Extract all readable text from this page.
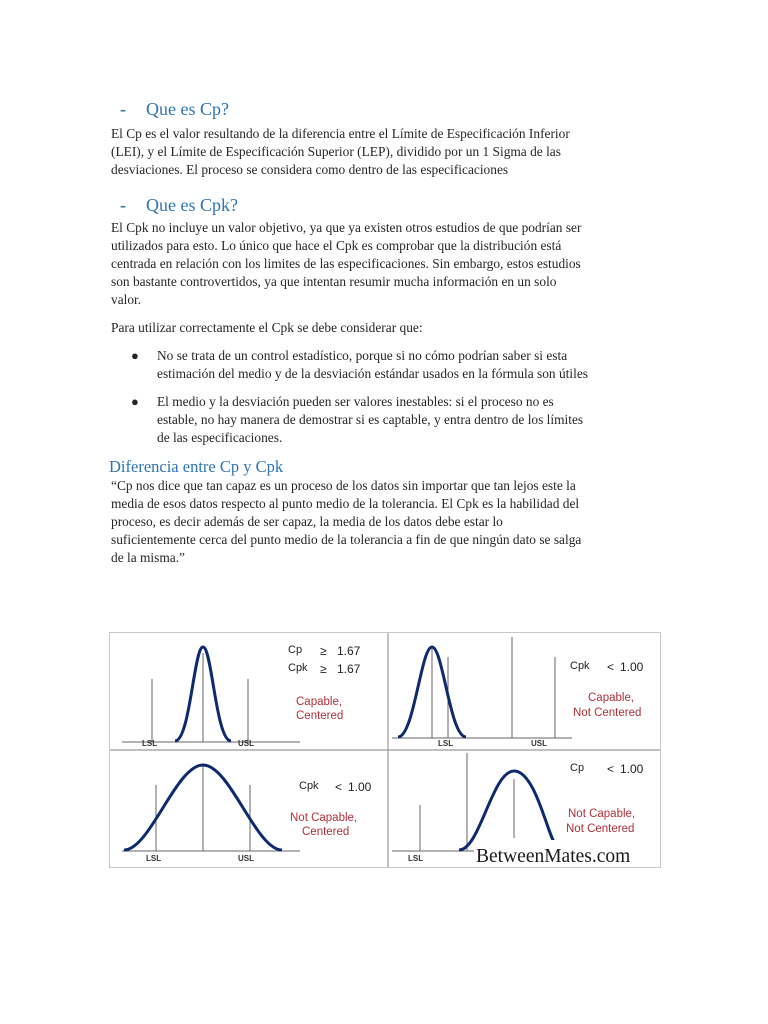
-	Que es Cp?
El Cp es el valor resultando de la diferencia entre el Límite de Especificación Inferior
(LEI), y el Límite de Especificación Superior (LEP), dividido por un 1 Sigma de las
desviaciones. El proceso se considera como dentro de las especificaciones
-	Que es Cpk?
El Cpk no incluye un valor objetivo, ya que ya existen otros estudios de que podrían ser
utilizados para esto. Lo único que hace el Cpk es comprobar que la distribución está
centrada en relación con los limites de las especificaciones. Sin embargo, estos estudios
son bastante controvertidos, ya que intentan resumir mucha información en un solo
valor.
Para utilizar correctamente el Cpk se debe considerar que:
● No se trata de un control estadístico, porque si no cómo podrían saber si esta
estimación del medio y de la desviación estándar usados en la fórmula son útiles
● El medio y la desviación pueden ser valores inestables: si el proceso no es
estable, no hay manera de demostrar si es captable, y entra dentro de los límites
de las especificaciones.
Diferencia entre Cp y Cpk
“Cp nos dice que tan capaz es un proceso de los datos sin importar que tan lejos este la
media de esos datos respecto al punto medio de la tolerancia. El Cpk es la habilidad del
proceso, es decir además de ser capaz, la media de los datos debe estar lo
suficientemente cerca del punto medio de la tolerancia a fin de que ningún dato se salga
de la misma.”
LSL	USL
Cp ≥ 1.67
Cpk ≥ 1.67
Capable,
Centered
LSL	USL
Cpk < 1.00
Capable,
Not Centered
LSL	USL
Cpk < 1.00
Not Capable,
Centered
LSL
Cp < 1.00
Not Capable,
Not Centered
BetweenMates.com
